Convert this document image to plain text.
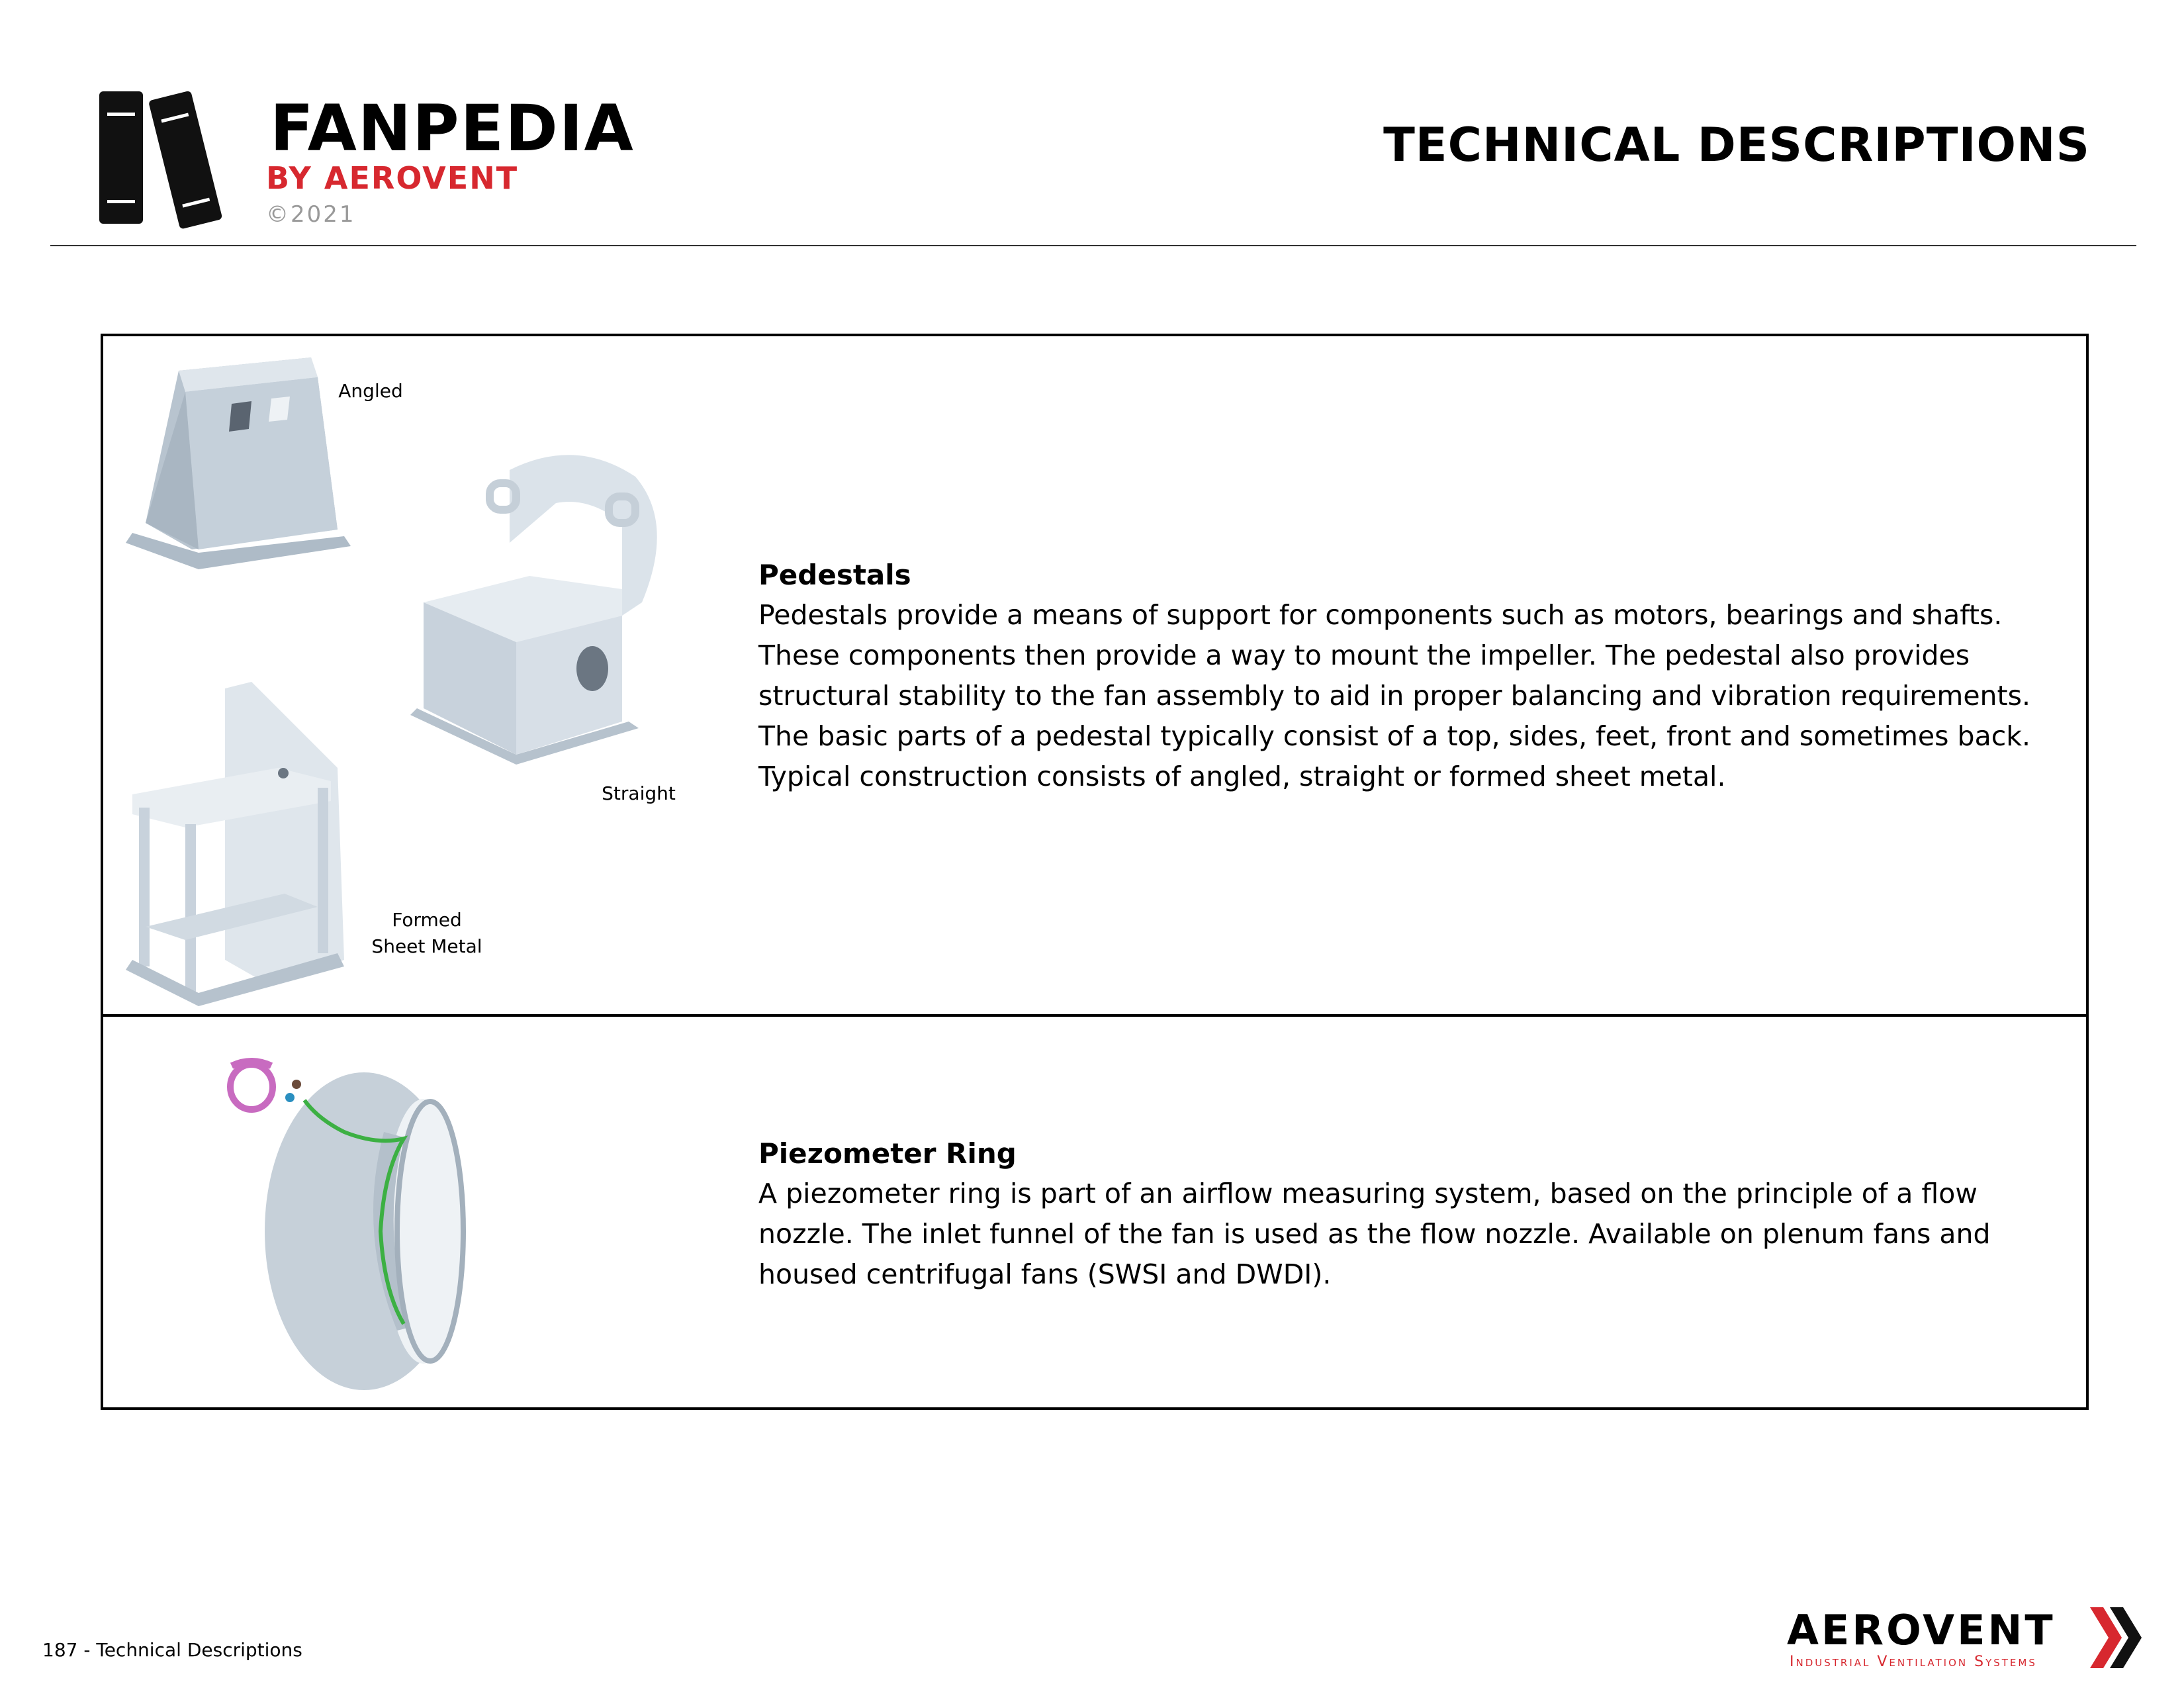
FANPEDIA
BY AEROVENT
©2021
TECHNICAL DESCRIPTIONS
Angled
Straight
Formed
Sheet Metal
Pedestals
Pedestals provide a means of support for components such as motors, bearings and shafts. These components then provide a way to mount the impeller. The pedestal also provides structural stability to the fan assembly to aid in proper balancing and vibration requirements. The basic parts of a pedestal typically consist of a top, sides, feet, front and sometimes back. Typical construction consists of angled, straight or formed sheet metal.
Piezometer Ring
A piezometer ring is part of an airflow measuring system, based on the principle of a flow nozzle. The inlet funnel of the fan is used as the flow nozzle. Available on plenum fans and housed centrifugal fans (SWSI and DWDI).
187 - Technical Descriptions	AEROVENT
Industrial Ventilation Systems
